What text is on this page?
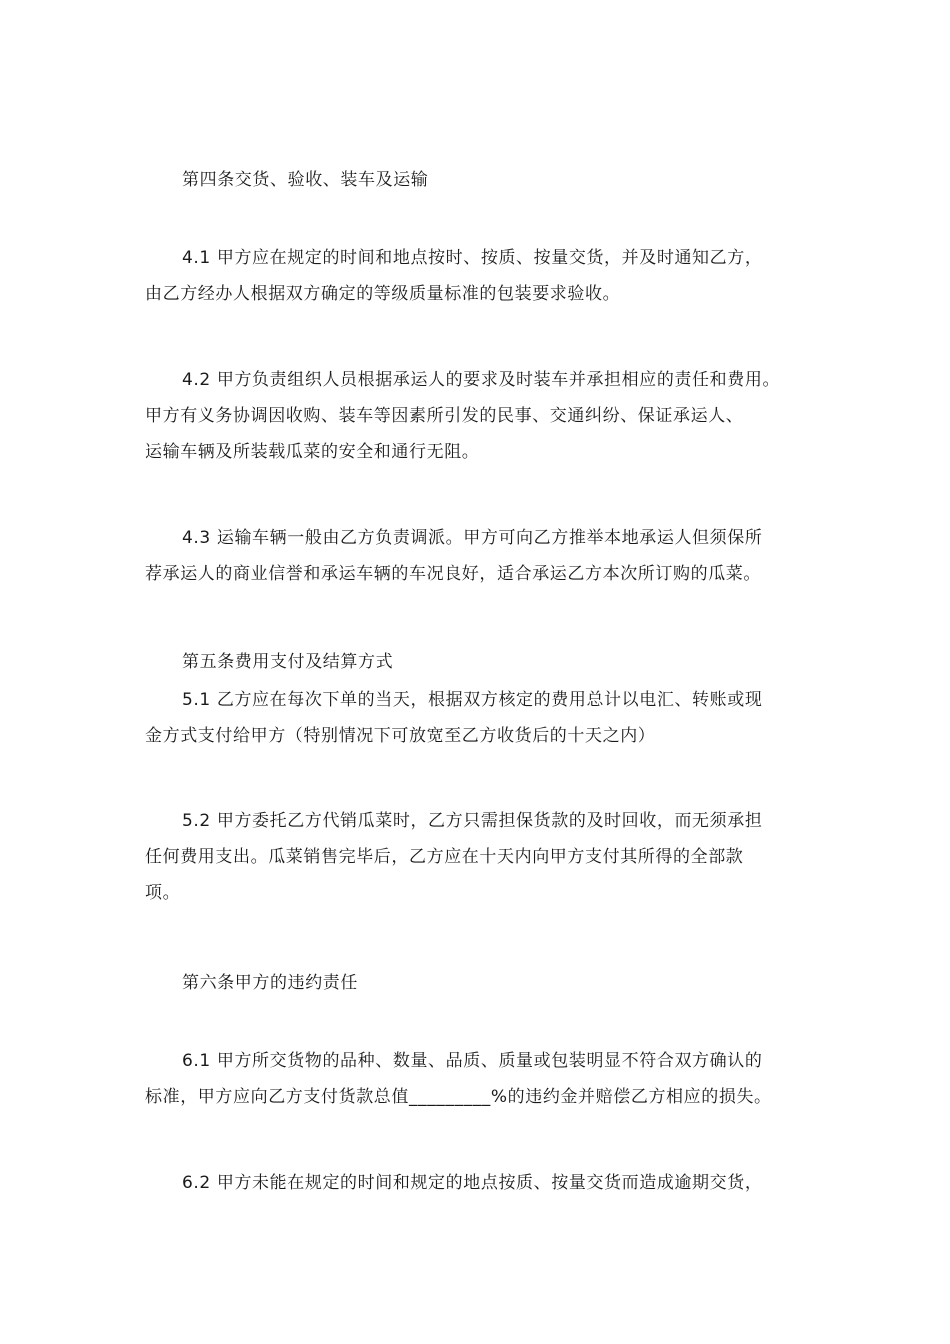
第四条交货、验收、装车及运输
4.1 甲方应在规定的时间和地点按时、按质、按量交货，并及时通知乙方，
由乙方经办人根据双方确定的等级质量标准的包装要求验收。
4.2 甲方负责组织人员根据承运人的要求及时装车并承担相应的责任和费用。
甲方有义务协调因收购、装车等因素所引发的民事、交通纠纷、保证承运人、
运输车辆及所装载瓜菜的安全和通行无阻。
4.3 运输车辆一般由乙方负责调派。甲方可向乙方推举本地承运人但须保所
荐承运人的商业信誉和承运车辆的车况良好，适合承运乙方本次所订购的瓜菜。
第五条费用支付及结算方式
5.1 乙方应在每次下单的当天，根据双方核定的费用总计以电汇、转账或现
金方式支付给甲方（特别情况下可放宽至乙方收货后的十天之内）
5.2 甲方委托乙方代销瓜菜时，乙方只需担保货款的及时回收，而无须承担
任何费用支出。瓜菜销售完毕后，乙方应在十天内向甲方支付其所得的全部款
项。
第六条甲方的违约责任
6.1 甲方所交货物的品种、数量、品质、质量或包装明显不符合双方确认的
标准，甲方应向乙方支付货款总值_________%的违约金并赔偿乙方相应的损失。
6.2 甲方未能在规定的时间和规定的地点按质、按量交货而造成逾期交货，
